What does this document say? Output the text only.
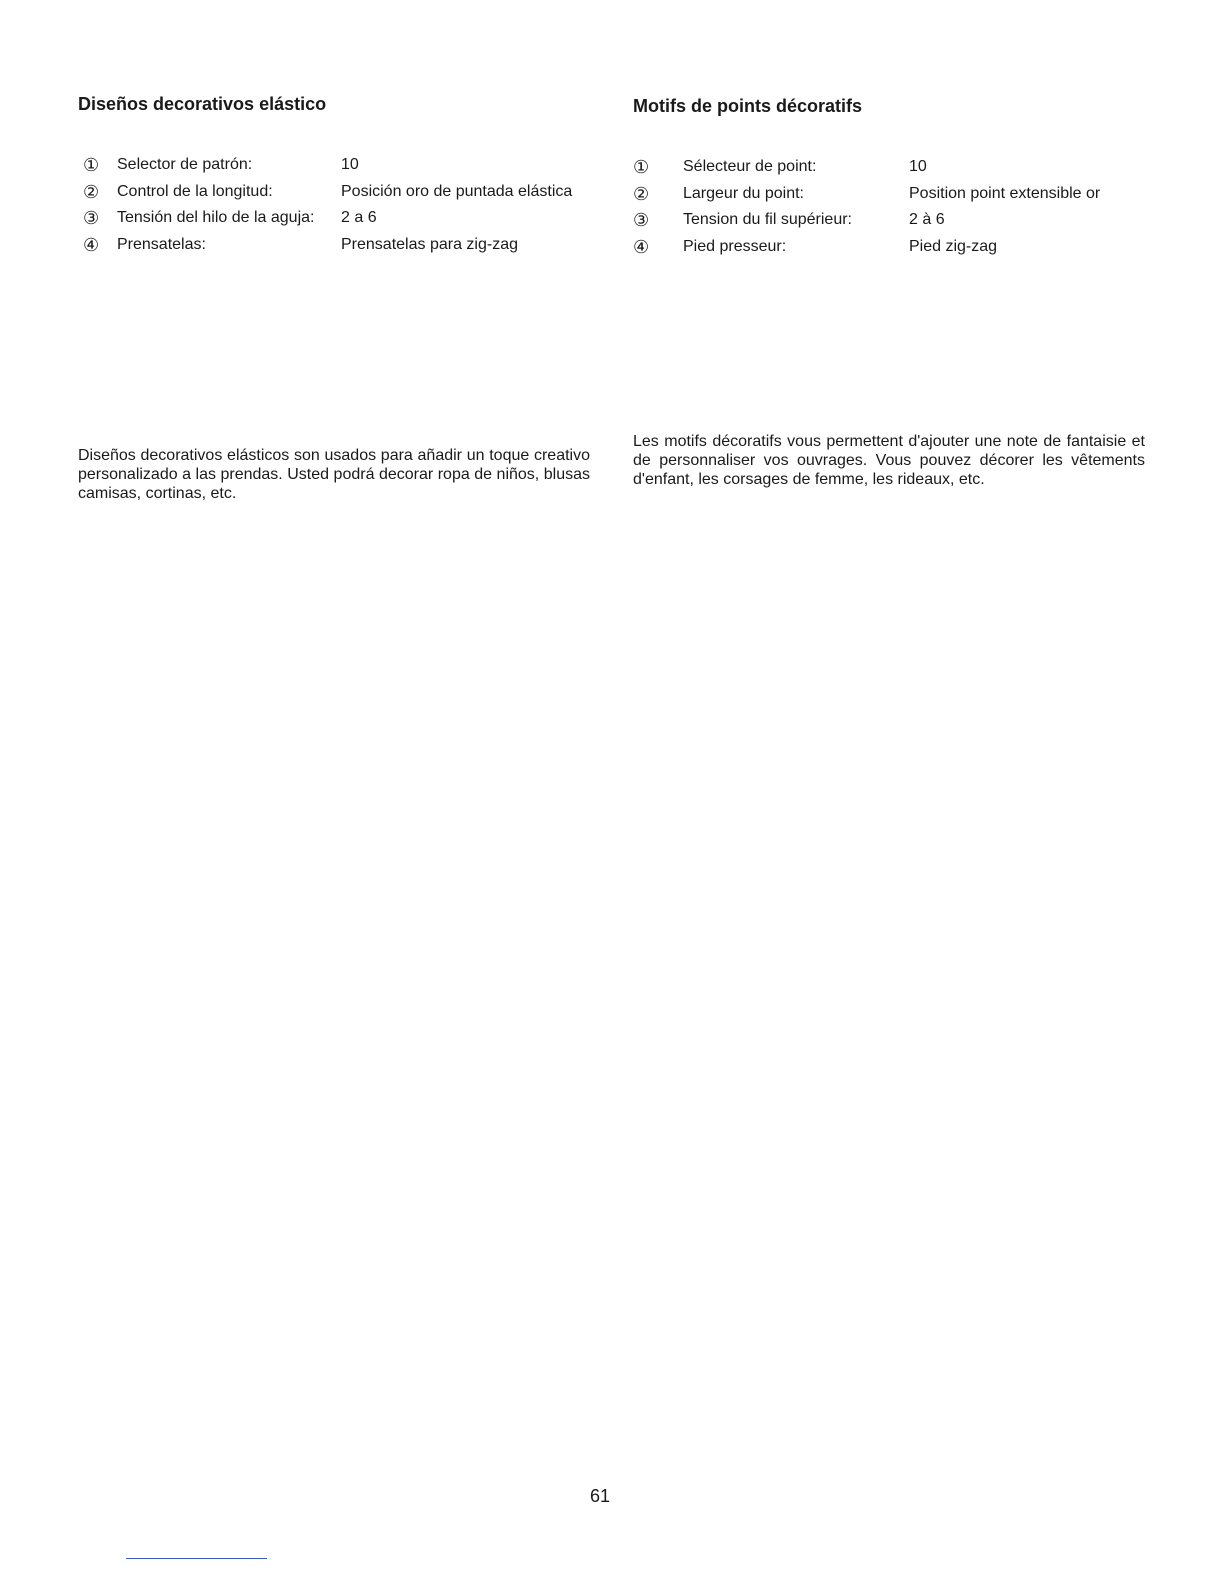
Diseños decorativos elástico
①	Selector de patrón:	10
②	Control de la longitud:	Posición oro de puntada elástica
③	Tensión del hilo de la aguja:	2 a 6
④	Prensatelas:	Prensatelas para zig-zag

Diseños decorativos elásticos son usados para añadir un toque creativo personalizado a las prendas. Usted podrá decorar ropa de niños, blusas camisas, cortinas, etc.

Motifs de points décoratifs
①	Sélecteur de point:	10
②	Largeur du point:	Position point extensible or
③	Tension du fil supérieur:	2 à 6
④	Pied presseur:	Pied zig-zag

Les motifs décoratifs vous permettent d'ajouter une note de fantaisie et de personnaliser vos ouvrages. Vous pouvez décorer les vêtements d'enfant, les corsages de femme, les rideaux, etc.

61
